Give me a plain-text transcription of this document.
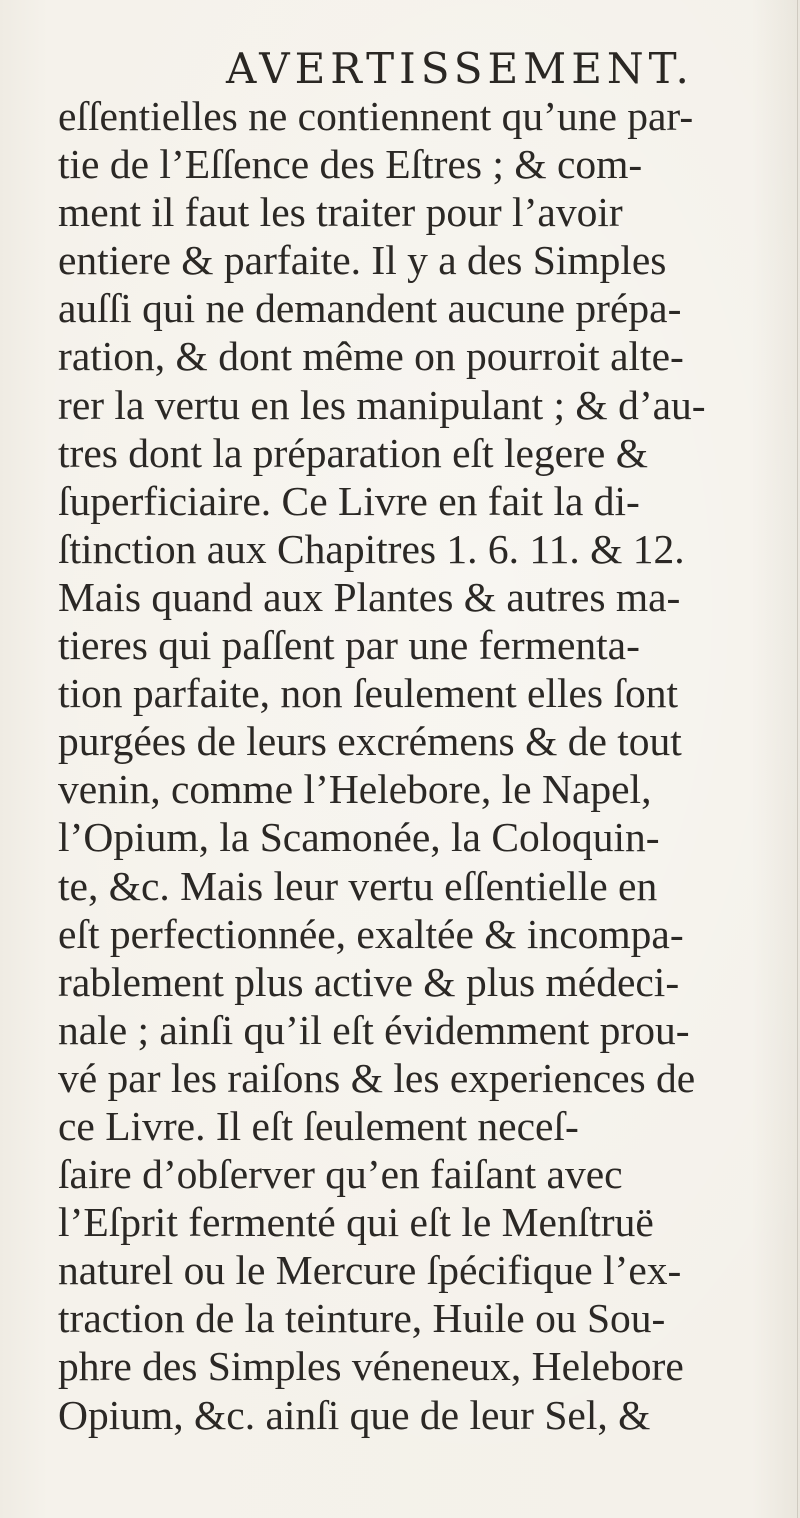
AVERTISSEMENT.
eſſentielles ne contiennent qu’une par-
tie de l’Eſſence des Eſtres ; & com-
ment il faut les traiter pour l’avoir
entiere & parfaite. Il y a des Simples
auſſi qui ne demandent aucune prépa-
ration, & dont même on pourroit alte-
rer la vertu en les manipulant ; & d’au-
tres dont la préparation eſt legere &
ſuperficiaire. Ce Livre en fait la di-
ſtinction aux Chapitres 1. 6. 11. & 12.
Mais quand aux Plantes & autres ma-
tieres qui paſſent par une fermenta-
tion parfaite, non ſeulement elles ſont
purgées de leurs excrémens & de tout
venin, comme l’Helebore, le Napel,
l’Opium, la Scamonée, la Coloquin-
te, &c. Mais leur vertu eſſentielle en
eſt perfectionnée, exaltée & incompa-
rablement plus active & plus médeci-
nale ; ainſi qu’il eſt évidemment prou-
vé par les raiſons & les experiences de
ce Livre. Il eſt ſeulement neceſ-
ſaire d’obſerver qu’en faiſant avec
l’Eſprit fermenté qui eſt le Menſtruë
naturel ou le Mercure ſpécifique l’ex-
traction de la teinture, Huile ou Sou-
phre des Simples véneneux, Helebore
Opium, &c. ainſi que de leur Sel, &
